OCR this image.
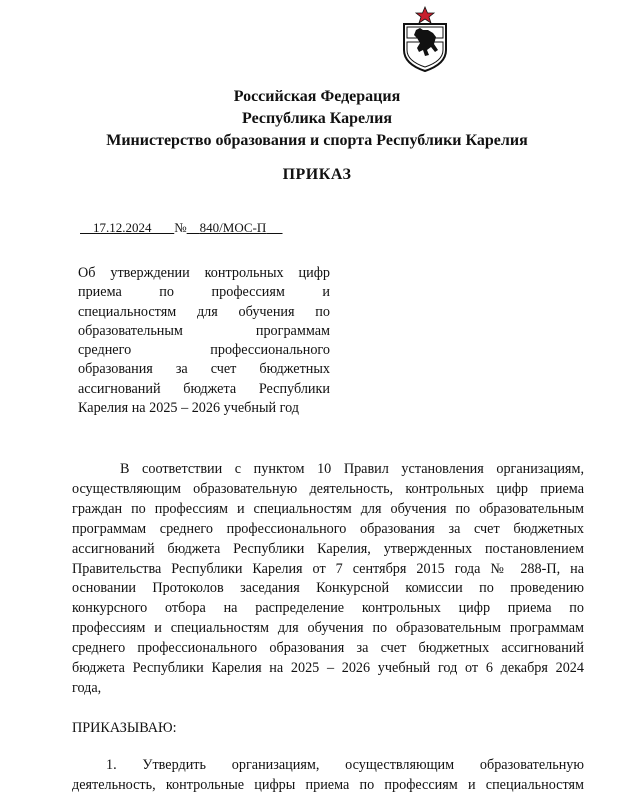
Российская Федерация
Республика Карелия
Министерство образования и спорта Республики Карелия
ПРИКАЗ
17.12.2024 № 840/МОС-П
Об утверждении контрольных цифр
приема по профессиям и
специальностям для обучения по
образовательным программам
среднего профессионального
образования за счет бюджетных
ассигнований бюджета Республики
Карелия на 2025 – 2026 учебный год
В соответствии с пунктом 10 Правил установления организациям,
осуществляющим образовательную деятельность, контрольных цифр приема
граждан по профессиям и специальностям для обучения по образовательным
программам среднего профессионального образования за счет бюджетных
ассигнований бюджета Республики Карелия, утвержденных постановлением
Правительства Республики Карелия от 7 сентября 2015 года № 288-П, на
основании Протоколов заседания Конкурсной комиссии по проведению
конкурсного отбора на распределение контрольных цифр приема по
профессиям и специальностям для обучения по образовательным программам
среднего профессионального образования за счет бюджетных ассигнований
бюджета Республики Карелия на 2025 – 2026 учебный год от 6 декабря 2024
года,
ПРИКАЗЫВАЮ:
1. Утвердить организациям, осуществляющим образовательную
деятельность, контрольные цифры приема по профессиям и специальностям
